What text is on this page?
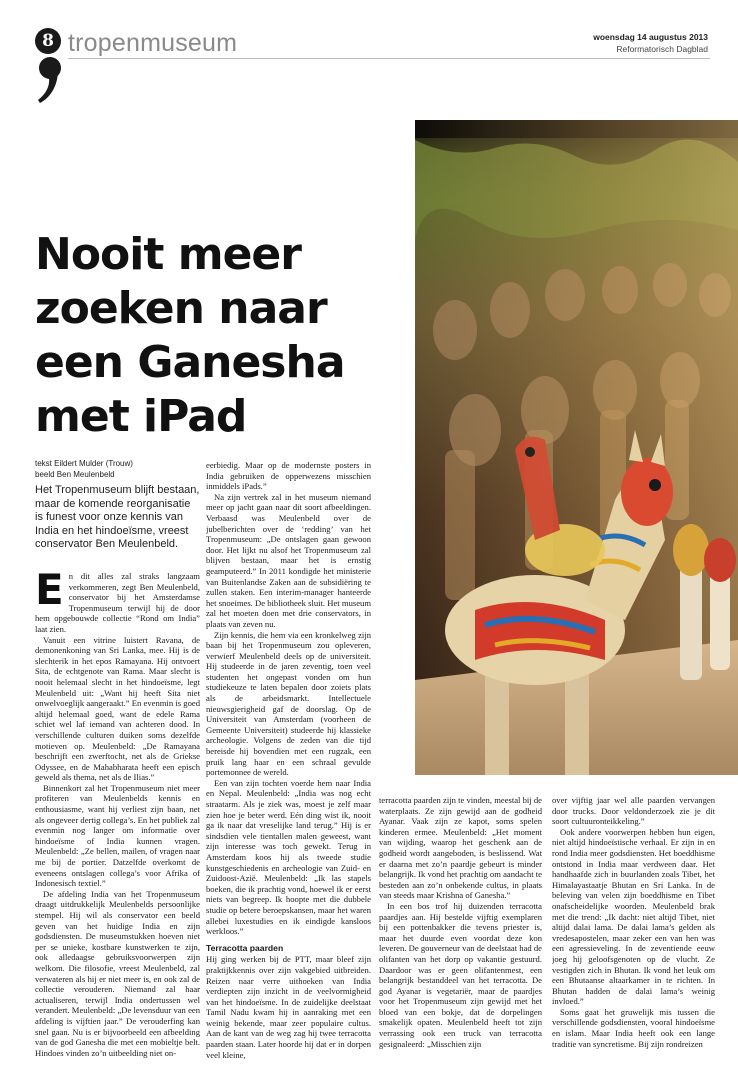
8 tropenmuseum	woensdag 14 augustus 2013
Reformatorisch Dagblad
Nooit meer zoeken naar een Ganesha met iPad
tekst Eildert Mulder (Trouw)
beeld Ben Meulenbeld
Het Tropenmuseum blijft bestaan, maar de komende reorganisatie is funest voor onze kennis van India en het hindoeïsme, vreest conservator Ben Meulenbeld.
E n dit alles zal straks langzaam verkommeren, zegt Ben Meulenbeld, conservator bij het Amsterdamse Tropenmuseum terwijl hij de door hem opgebouwde collectie “Rond om India” laat zien.

Vanuit een vitrine luistert Ravana, de demonenkoning van Sri Lanka, mee. Hij is de slechterik in het epos Ramayana. Hij ontvoert Sita, de echtgenote van Rama. Maar slecht is nooit helemaal slecht in het hindoeïsme, legt Meulenbeld uit: „Want hij heeft Sita niet onwelvoeglijk aangeraakt.” En evenmin is goed altijd helemaal goed, want de edele Rama schiet wel laf iemand van achteren dood. In verschillende culturen duiken soms dezelfde motieven op. Meulenbeld: „De Ramayana beschrijft een zwerftocht, net als de Griekse Odyssee, en de Mahabharata heeft een episch geweld als thema, net als de Ilias.”

Binnenkort zal het Tropenmuseum niet meer profiteren van Meulenbelds kennis en enthousiasme, want hij verliest zijn baan, net als ongeveer dertig collega’s. En het publiek zal evenmin nog langer om informatie over hindoeïsme of India kunnen vragen. Meulenbeld: „Ze bellen, mailen, of vragen naar me bij de portier. Datzelfde overkomt de eveneens ontslagen collega’s voor Afrika of Indonesisch textiel.”

De afdeling India van het Tropenmuseum draagt uitdrukkelijk Meulenbelds persoonlijke stempel. Hij wil als conservator een beeld geven van het huidige India en zijn godsdiensten. De museumstukken hoeven niet per se unieke, kostbare kunstwerken te zijn, ook alledaagse gebruiksvoorwerpen zijn welkom. Die filosofie, vreest Meulenbeld, zal verwateren als hij er niet meer is, en ook zal de collectie verouderen. Niemand zal haar actualiseren, terwijl India ondertussen wel verandert. Meulenbeld: „De levensduur van een afdeling is vijftien jaar.” De verouderfing kan snel gaan. Nu is er bijvoorbeeld een afbeelding van de god Ganesha die met een mobieltje belt. Hindoes vinden zo’n uitbeelding niet on-

eerbiedig. Maar op de modernste posters in India gebruiken de opperwezens misschien inmiddels iPads.”

Na zijn vertrek zal in het museum niemand meer op jacht gaan naar dit soort afbeeldingen. Verbaasd was Meulenbeld over de jubelberichten over de ‘redding’ van het Tropenmuseum: „De ontslagen gaan gewoon door. Het lijkt nu alsof het Tropenmuseum zal blijven bestaan, maar het is ernstig geamputeerd.” In 2011 kondigde het ministerie van Buitenlandse Zaken aan de subsidiëring te zullen staken. Een interim-manager hanteerde het snoeimes. De bibliotheek sluit. Het museum zal het moeten doen met drie conservators, in plaats van zeven nu.

Zijn kennis, die hem via een kronkelweg zijn baan bij het Tropenmuseum zou opleveren, verwierf Meulenbeld deels op de universiteit. Hij studeerde in de jaren zeventig, toen veel studenten het ongepast vonden om hun studiekeuze te laten bepalen door zoiets plats als de arbeidsmarkt. Intellectuele nieuwsgierigheid gaf de doorslag. Op de Universiteit van Amsterdam (voorheen de Gemeente Universiteit) studeerde hij klassieke archeologie. Volgens de zeden van die tijd bereisde hij bovendien met een rugzak, een pruik lang haar en een schraal gevulde portemonnee de wereld.

Een van zijn tochten voerde hem naar India en Nepal. Meulenbeld: „India was nog echt straatarm. Als je ziek was, moest je zelf maar zien hoe je beter werd. Eén ding wist ik, nooit ga ik naar dat vreselijke land terug.” Hij is er sindsdien vele tientallen malen geweest, want zijn interesse was toch gewekt. Terug in Amsterdam koos hij als tweede studie kunstgeschiedenis en archeologie van Zuid- en Zuidoost-Azië. Meulenbeld: „Ik las stapels boeken, die ik prachtig vond, hoewel ik er eerst niets van begreep. Ik hoopte met die dubbele studie op betere beroepskansen, maar het waren allebei luxestudies en ik eindigde kansloos werkloos.”

Terracotta paarden

Hij ging werken bij de PTT, maar bleef zijn praktijkkennis over zijn vakgebied uitbreiden. Reizen naar verre uithoeken van India verdiepten zijn inzicht in de veelvormigheid van het hindoeïsme. In de zuidelijke deelstaat Tamil Nadu kwam hij in aanraking met een weinig bekende, maar zeer populaire cultus. Aan de kant van de weg zag hij twee terracotta paarden staan. Later hoorde hij dat er in dorpen veel kleine,

terracotta paarden zijn te vinden, meestal bij de waterplaats. Ze zijn gewijd aan de godheid Ayanar. Vaak zijn ze kapot, soms spelen kinderen ermee. Meulenbeld: „Het moment van wijding, waarop het geschenk aan de godheid wordt aangeboden, is beslissend. Wat er daarna met zo’n paardje gebeurt is minder belangrijk. Ik vond het prachtig om aandacht te besteden aan zo’n onbekende cultus, in plaats van steeds maar Krishna of Ganesha.”

In een bos trof hij duizenden terracotta paardjes aan. Hij bestelde vijftig exemplaren bij een pottenbakker die tevens priester is, maar het duurde even voordat deze kon leveren. De gouverneur van de deelstaat had de olifanten van het dorp op vakantie gestuurd. Daardoor was er geen olifantenmest, een belangrijk bestanddeel van het terracotta. De god Ayanar is vegetariër, maar de paardjes voor het Tropenmuseum zijn gewijd met het bloed van een bokje, dat de dorpelingen smakelijk opaten. Meulenbeld heeft tot zijn verrassing ook een truck van terracotta gesignaleerd: „Misschien zijn

over vijftig jaar wel alle paarden vervangen door trucks. Door veldonderzoek zie je dit soort cultuuronteikkeling.”

Ook andere voorwerpen hebben hun eigen, niet altijd hindoeïstische verhaal. Er zijn in en rond India meer godsdiensten. Het boeddhisme ontstond in India maar verdween daar. Het handhaafde zich in buurlanden zoals Tibet, het Himalayastaatje Bhutan en Sri Lanka. In de beleving van velen zijn boeddhisme en Tibet onafscheidelijke woorden. Meulenbeld brak met die trend: „Ik dacht: niet altijd Tibet, niet altijd dalai lama. De dalai lama’s gelden als vredesapostelen, maar zeker een van hen was een agressieveling. In de zeventiende eeuw joeg hij geloofsgenoten op de vlucht. Ze vestigden zich in Bhutan. Ik vond het leuk om een Bhutaanse altaarkamer in te richten. In Bhutan hadden de dalai lama’s weinig invloed.”

Soms gaat het gruwelijk mis tussen die verschillende godsdiensten, vooral hindoeïsme en islam. Maar India heeft ook een lange traditie van syncretisme. Bij zijn rondreizen
